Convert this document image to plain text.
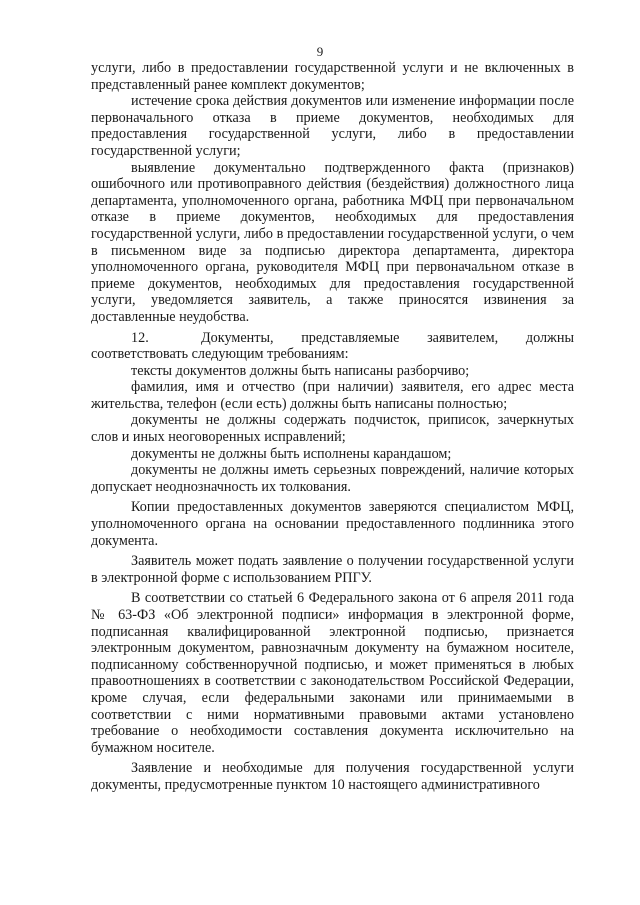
9

услуги, либо в предоставлении государственной услуги и не включенных в представленный ранее комплект документов;

истечение срока действия документов или изменение информации после первоначального отказа в приеме документов, необходимых для предоставления государственной услуги, либо в предоставлении государственной услуги;

выявление документально подтвержденного факта (признаков) ошибочного или противоправного действия (бездействия) должностного лица департамента, уполномоченного органа, работника МФЦ при первоначальном отказе в приеме документов, необходимых для предоставления государственной услуги, либо в предоставлении государственной услуги, о чем в письменном виде за подписью директора департамента, директора уполномоченного органа, руководителя МФЦ при первоначальном отказе в приеме документов, необходимых для предоставления государственной услуги, уведомляется заявитель, а также приносятся извинения за доставленные неудобства.

12.	Документы, представляемые заявителем, должны соответствовать следующим требованиям:

тексты документов должны быть написаны разборчиво;

фамилия, имя и отчество (при наличии) заявителя, его адрес места жительства, телефон (если есть) должны быть написаны полностью;

документы не должны содержать подчисток, приписок, зачеркнутых слов и иных неоговоренных исправлений;

документы не должны быть исполнены карандашом;

документы не должны иметь серьезных повреждений, наличие которых допускает неоднозначность их толкования.

Копии предоставленных документов заверяются специалистом МФЦ, уполномоченного органа на основании предоставленного подлинника этого документа.

Заявитель может подать заявление о получении государственной услуги в электронной форме с использованием РПГУ.

В соответствии со статьей 6 Федерального закона от 6 апреля 2011 года № 63-ФЗ «Об электронной подписи» информация в электронной форме, подписанная квалифицированной электронной подписью, признается электронным документом, равнозначным документу на бумажном носителе, подписанному собственноручной подписью, и может применяться в любых правоотношениях в соответствии с законодательством Российской Федерации, кроме случая, если федеральными законами или принимаемыми в соответствии с ними нормативными правовыми актами установлено требование о необходимости составления документа исключительно на бумажном носителе.

Заявление и необходимые для получения государственной услуги документы, предусмотренные пунктом 10 настоящего административного
